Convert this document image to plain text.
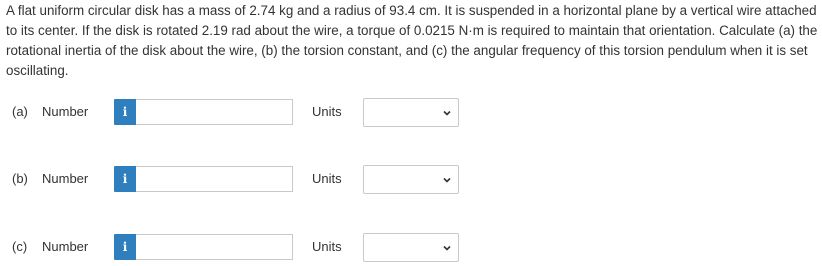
A flat uniform circular disk has a mass of 2.74 kg and a radius of 93.4 cm. It is suspended in a horizontal plane by a vertical wire attached to its center. If the disk is rotated 2.19 rad about the wire, a torque of 0.0215 N·m is required to maintain that orientation. Calculate (a) the rotational inertia of the disk about the wire, (b) the torsion constant, and (c) the angular frequency of this torsion pendulum when it is set oscillating.

(a) Number	i	Units
(b) Number	i	Units
(c) Number	i	Units
